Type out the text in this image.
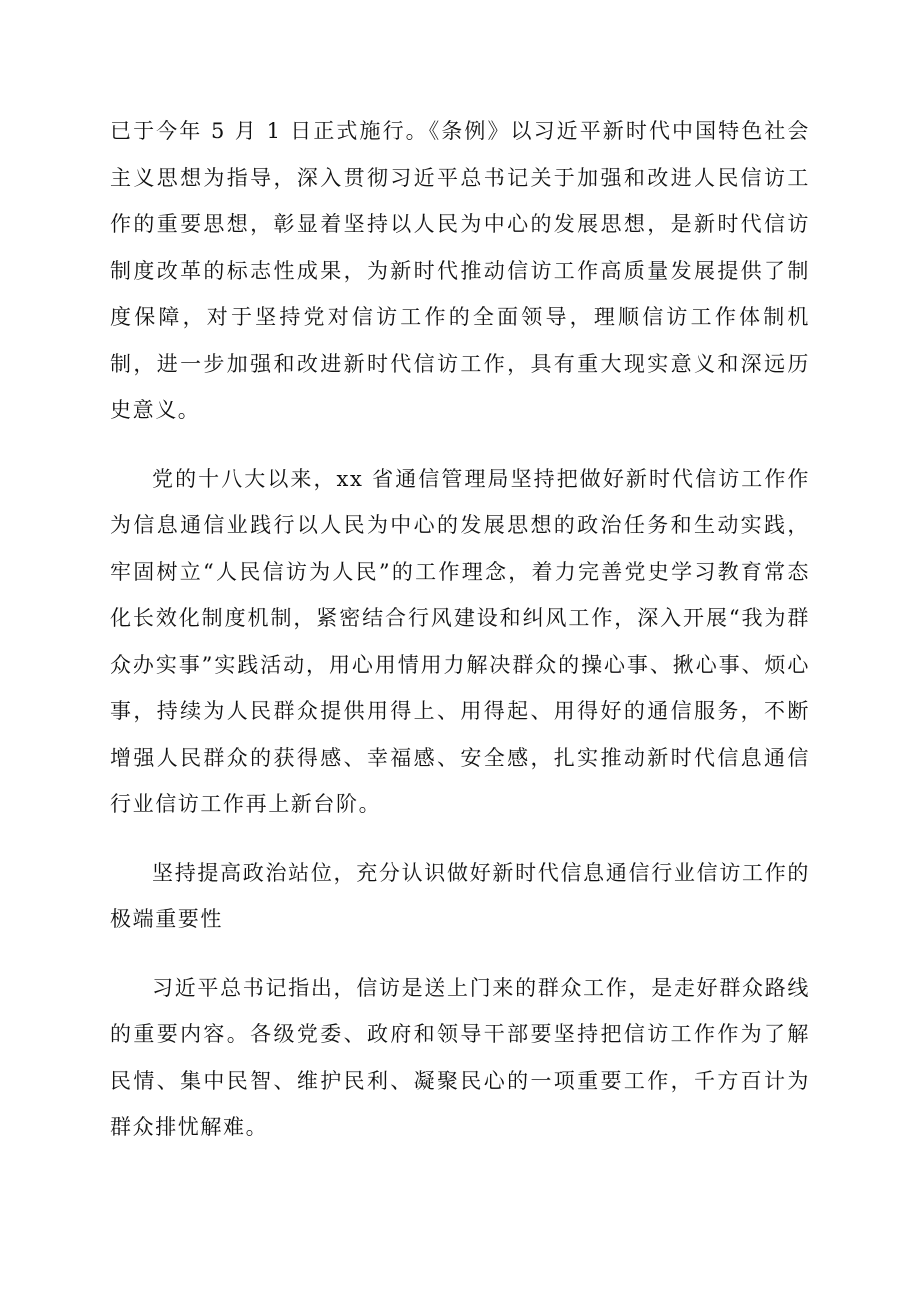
已于今年 5 月 1 日正式施行。《条例》以习近平新时代中国特色社会主义思想为指导，深入贯彻习近平总书记关于加强和改进人民信访工作的重要思想，彰显着坚持以人民为中心的发展思想，是新时代信访制度改革的标志性成果，为新时代推动信访工作高质量发展提供了制度保障，对于坚持党对信访工作的全面领导，理顺信访工作体制机制，进一步加强和改进新时代信访工作，具有重大现实意义和深远历史意义。

党的十八大以来，xx 省通信管理局坚持把做好新时代信访工作作为信息通信业践行以人民为中心的发展思想的政治任务和生动实践，牢固树立“人民信访为人民”的工作理念，着力完善党史学习教育常态化长效化制度机制，紧密结合行风建设和纠风工作，深入开展“我为群众办实事”实践活动，用心用情用力解决群众的操心事、揪心事、烦心事，持续为人民群众提供用得上、用得起、用得好的通信服务，不断增强人民群众的获得感、幸福感、安全感，扎实推动新时代信息通信行业信访工作再上新台阶。

坚持提高政治站位，充分认识做好新时代信息通信行业信访工作的极端重要性

习近平总书记指出，信访是送上门来的群众工作，是走好群众路线的重要内容。各级党委、政府和领导干部要坚持把信访工作作为了解民情、集中民智、维护民利、凝聚民心的一项重要工作，千方百计为群众排忧解难。
